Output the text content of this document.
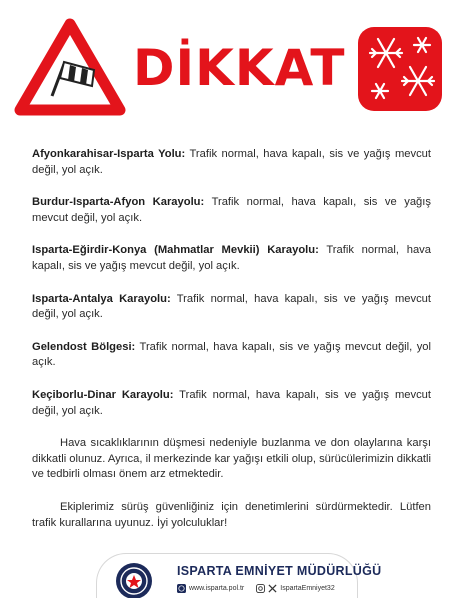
DİKKAT

Afyonkarahisar-Isparta Yolu: Trafik normal, hava kapalı, sis ve yağış mevcut değil, yol açık.

Burdur-Isparta-Afyon Karayolu: Trafik normal, hava kapalı, sis ve yağış mevcut değil, yol açık.

Isparta-Eğirdir-Konya (Mahmatlar Mevkii) Karayolu: Trafik normal, hava kapalı, sis ve yağış mevcut değil, yol açık.

Isparta-Antalya Karayolu: Trafik normal, hava kapalı, sis ve yağış mevcut değil, yol açık.

Gelendost Bölgesi: Trafik normal, hava kapalı, sis ve yağış mevcut değil, yol açık.

Keçiborlu-Dinar Karayolu: Trafik normal, hava kapalı, sis ve yağış mevcut değil, yol açık.

Hava sıcaklıklarının düşmesi nedeniyle buzlanma ve don olaylarına karşı dikkatli olunuz. Ayrıca, il merkezinde kar yağışı etkili olup, sürücülerimizin dikkatli ve tedbirli olması önem arz etmektedir.

Ekiplerimiz sürüş güvenliğiniz için denetimlerini sürdürmektedir. Lütfen trafik kurallarına uyunuz. İyi yolculuklar!

ISPARTA EMNİYET MÜDÜRLÜĞÜ
www.isparta.pol.tr	IspartaEmniyet32
